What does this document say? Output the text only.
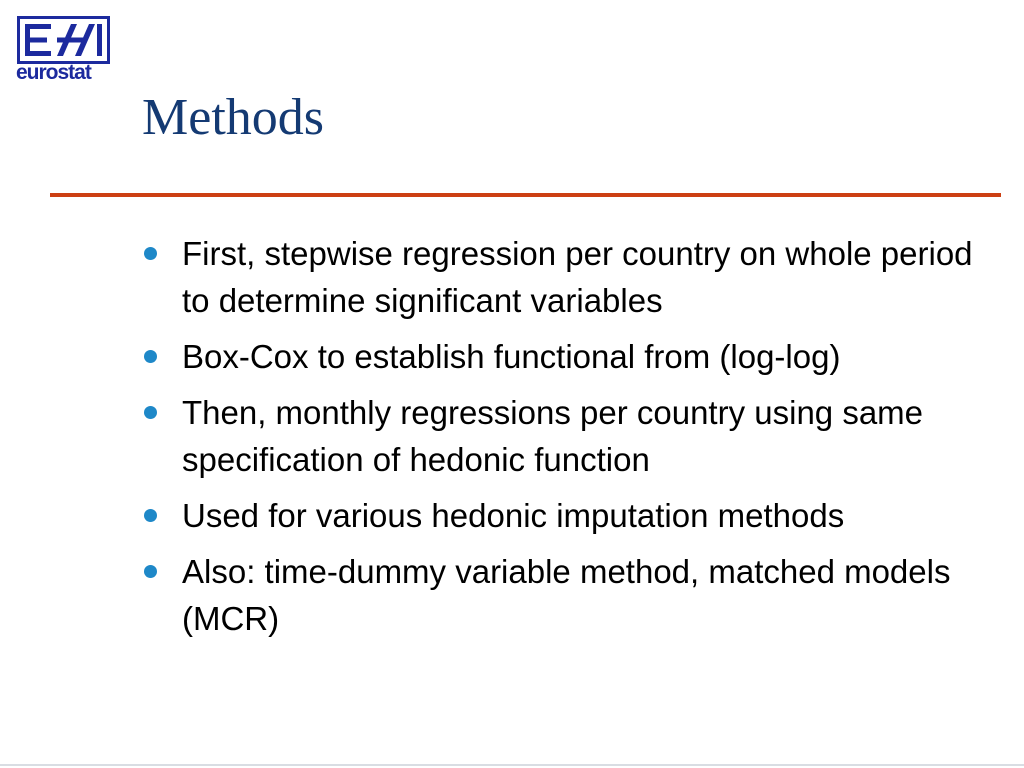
eurostat
Methods
First, stepwise regression per country on whole period to determine significant variables
Box-Cox to establish functional from (log-log)
Then, monthly regressions per country using same specification of hedonic function
Used for various hedonic imputation methods
Also: time-dummy variable method, matched models (MCR)
